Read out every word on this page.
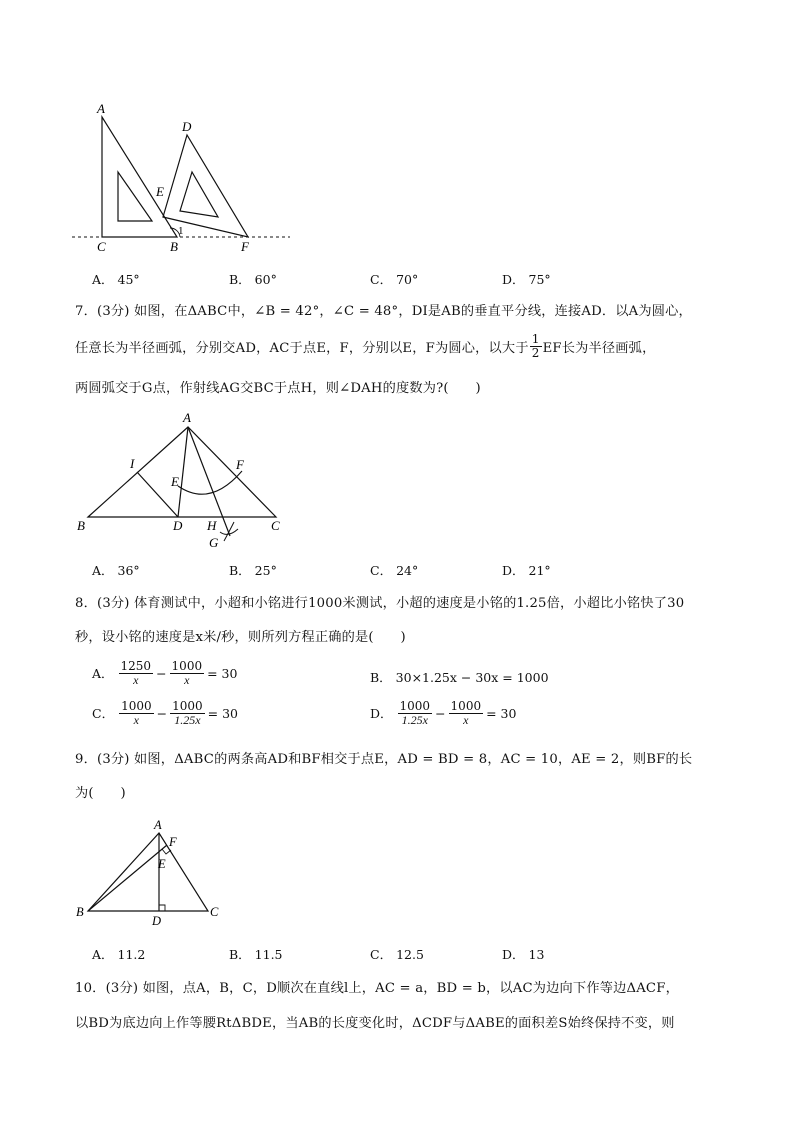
A
D
E
C	B	F
1
A． 45°	B． 60°	C． 70°	D． 75°
7．(3分) 如图，在ΔABC中，∠B = 42°，∠C = 48°，DI是AB的垂直平分线，连接AD．以A为圆心，
任意长为半径画弧，分别交AD，AC于点E，F，分别以E，F为圆心，以大于 $\frac{1}{2}$ EF长为半径画弧，
两圆弧交于G点，作射线AG交BC于点H，则∠DAH的度数为?(　　)
A
I	F
E
B	D H	C
G
A． 36°	B． 25°	C． 24°	D． 21°
8．(3分) 体育测试中，小超和小铭进行1000米测试，小超的速度是小铭的1.25倍，小超比小铭快了30
秒，设小铭的速度是x米/秒，则所列方程正确的是(　　)
A．
$\frac{1250}{x} - \frac{1000}{x} = 30$	B．
30×1.25x − 30x = 1000
C．
$\frac{1000}{x} - \frac{1000}{1.25x} = 30$	D．
$\frac{1000}{1.25x} - \frac{1000}{x} = 30$
9．(3分) 如图，ΔABC的两条高AD和BF相交于点E，AD = BD = 8，AC = 10，AE = 2，则BF的长
为(　　)
A
F
E
B
D
C
A． 11.2	B． 11.5	C． 12.5	D． 13
10．(3分) 如图，点A，B，C，D顺次在直线l上，AC = a，BD = b，以AC为边向下作等边ΔACF，
以BD为底边向上作等腰RtΔBDE，当AB的长度变化时，ΔCDF与ΔABE的面积差S始终保持不变，则
